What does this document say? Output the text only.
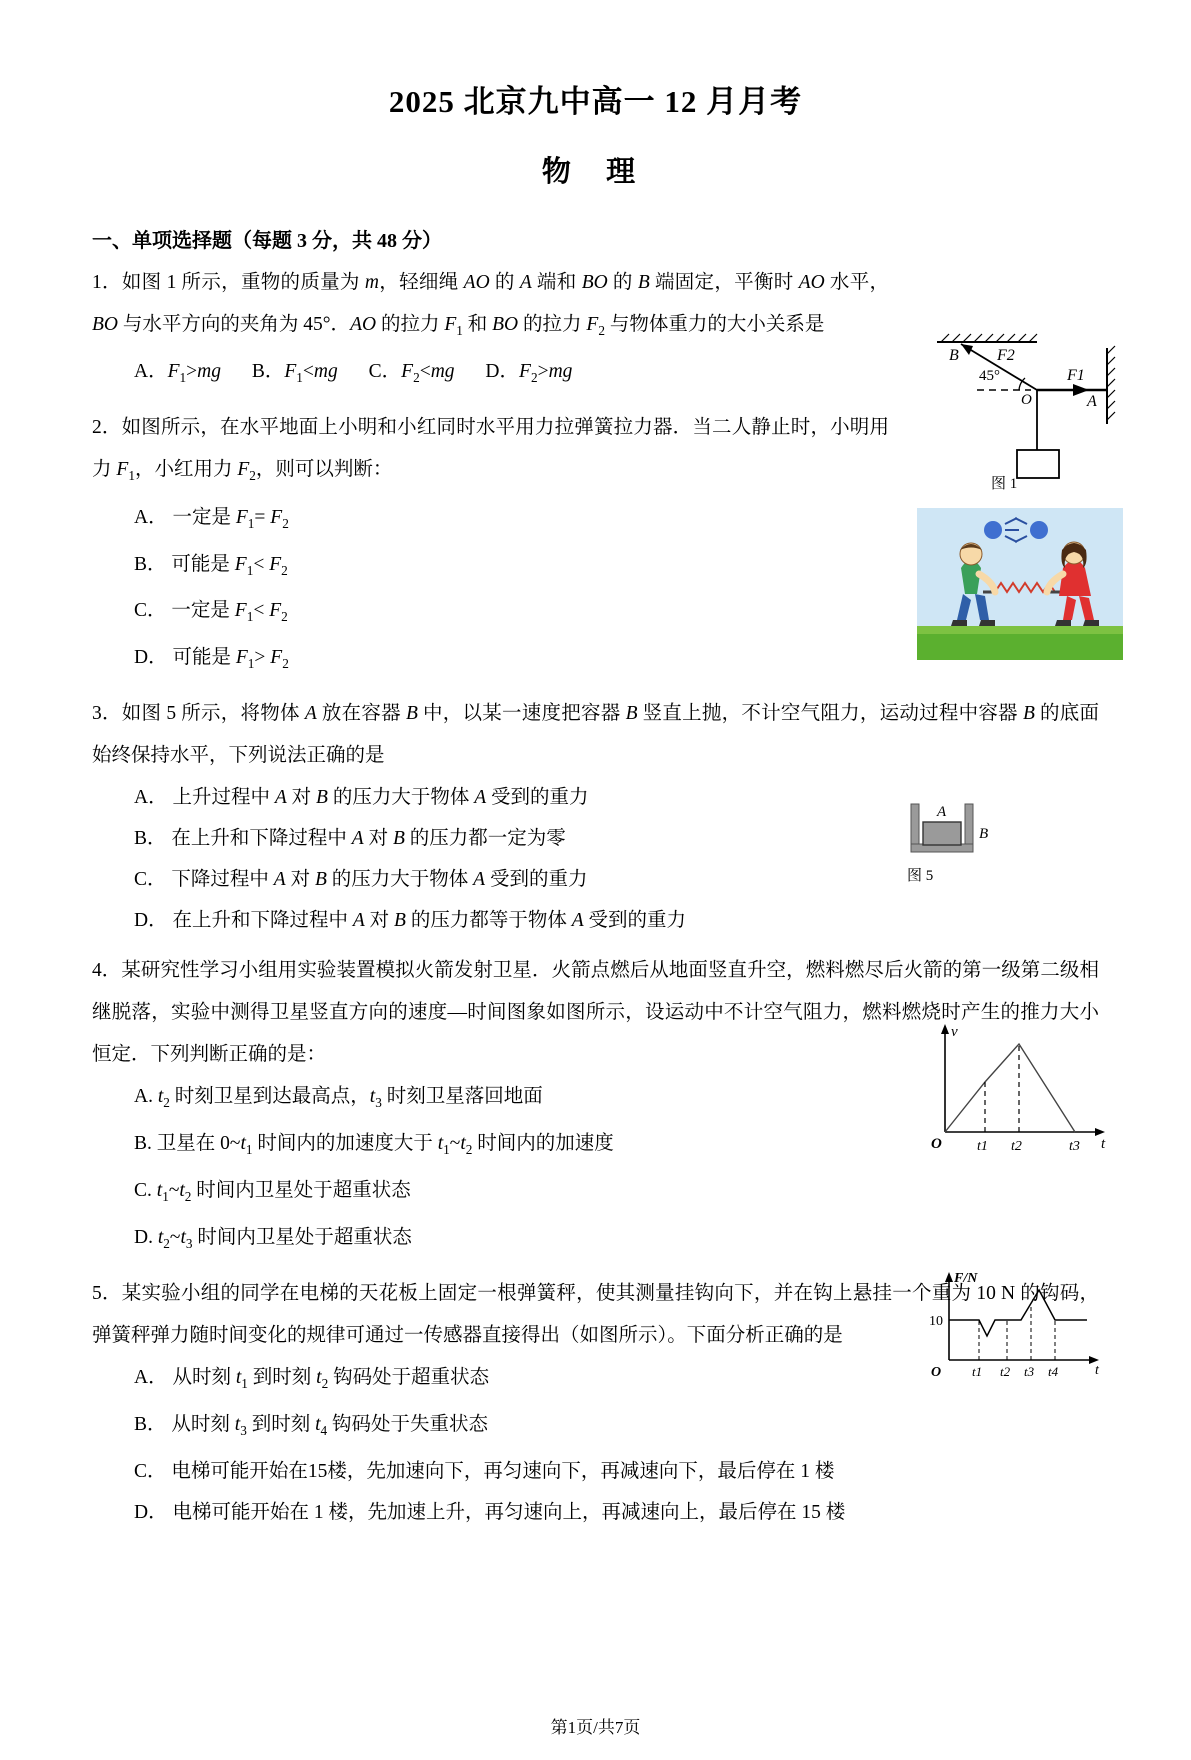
2025 北京九中高一 12 月月考
物 理
一、单项选择题（每题 3 分，共 48 分）
1．如图 1 所示，重物的质量为 m，轻细绳 AO 的 A 端和 BO 的 B 端固定，平衡时 AO 水平，BO 与水平方向的夹角为 45°．AO 的拉力 $F_1$ 和 BO 的拉力 $F_2$ 与物体重力的大小关系是
A．$F_1>mg$ B．$F_1<mg$ C．$F_2<mg$ D．$F_2>mg$
2．如图所示，在水平地面上小明和小红同时水平用力拉弹簧拉力器．当二人静止时，小明用力 $F_1$，小红用力 $F_2$，则可以判断：
A． 一定是 $F_1= F_2$
B． 可能是 $F_1< F_2$
C． 一定是 $F_1< F_2$
D． 可能是 $F_1> F_2$
3．如图 5 所示，将物体 A 放在容器 B 中，以某一速度把容器 B 竖直上抛，不计空气阻力，运动过程中容器 B 的底面始终保持水平，下列说法正确的是
A． 上升过程中 A 对 B 的压力大于物体 A 受到的重力
B． 在上升和下降过程中 A 对 B 的压力都一定为零
C． 下降过程中 A 对 B 的压力大于物体 A 受到的重力
D． 在上升和下降过程中 A 对 B 的压力都等于物体 A 受到的重力
4．某研究性学习小组用实验装置模拟火箭发射卫星．火箭点燃后从地面竖直升空，燃料燃尽后火箭的第一级第二级相继脱落，实验中测得卫星竖直方向的速度—时间图象如图所示，设运动中不计空气阻力，燃料燃烧时产生的推力大小恒定．下列判断正确的是：
A. $t_2$ 时刻卫星到达最高点，$t_3$ 时刻卫星落回地面
B. 卫星在 $0\sim t_1$ 时间内的加速度大于 $t_1\sim t_2$ 时间内的加速度
C. $t_1\sim t_2$ 时间内卫星处于超重状态
D. $t_2\sim t_3$ 时间内卫星处于超重状态
5．某实验小组的同学在电梯的天花板上固定一根弹簧秤，使其测量挂钩向下，并在钩上悬挂一个重为 10 N 的钩码，弹簧秤弹力随时间变化的规律可通过一传感器直接得出（如图所示）。下面分析正确的是
A． 从时刻 $t_1$ 到时刻 $t_2$ 钩码处于超重状态
B． 从时刻 $t_3$ 到时刻 $t_4$ 钩码处于失重状态
C． 电梯可能开始在15楼，先加速向下，再匀速向下，再减速向下，最后停在 1 楼
D． 电梯可能开始在 1 楼，先加速上升，再匀速向上，再减速向上，最后停在 15 楼
B F2
F1
A
O
45°
图 1
A
B
图 5
v
t
O	t1 t2	t3
F/N
t
O
10
t1 t2 t3 t4
第1页/共7页
